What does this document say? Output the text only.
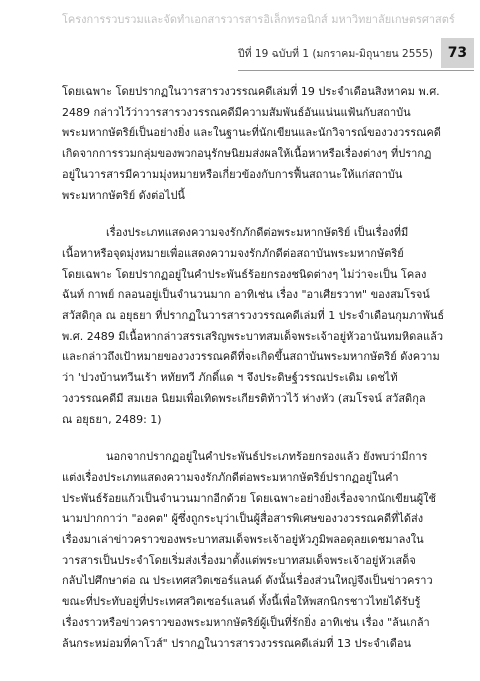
โครงการรวบรวมและจัดทำเอกสารวารสารอิเล็กทรอนิกส์ มหาวิทยาลัยเกษตรศาสตร์
ปีที่ 19 ฉบับที่ 1 (มกราคม-มิถุนายน 2555) 73
โดยเฉพาะ โดยปรากฏในวารสารวงวรรณคดีเล่มที่ 19 ประจำเดือนสิงหาคม พ.ศ.
2489 กล่าวไว้ว่าวารสารวงวรรณคดีมีความสัมพันธ์อันแน่นแฟ้นกับสถาบัน
พระมหากษัตริย์เป็นอย่างยิ่ง และในฐานะที่นักเขียนและนักวิจารณ์ของวงวรรณคดี
เกิดจากการรวมกลุ่มของพวกอนุรักษนิยมส่งผลให้เนื้อหาหรือเรื่องต่างๆ ที่ปรากฏ
อยู่ในวารสารมีความมุ่งหมายหรือเกี่ยวข้องกับการฟื้นสถานะให้แก่สถาบัน
พระมหากษัตริย์ ดังต่อไปนี้
เรื่องประเภทแสดงความจงรักภักดีต่อพระมหากษัตริย์ เป็นเรื่องที่มี
เนื้อหาหรือจุดมุ่งหมายเพื่อแสดงความจงรักภักดีต่อสถาบันพระมหากษัตริย์
โดยเฉพาะ โดยปรากฏอยู่ในคำประพันธ์ร้อยกรองชนิดต่างๆ ไม่ว่าจะเป็น โคลง
ฉันท์ กาพย์ กลอนอยู่เป็นจำนวนมาก อาทิเช่น เรื่อง "อาเศียรวาท" ของสมโรจน์
สวัสดิกุล ณ อยุธยา ที่ปรากฏในวารสารวงวรรณคดีเล่มที่ 1 ประจำเดือนกุมภาพันธ์
พ.ศ. 2489 มีเนื้อหากล่าวสรรเสริญพระบาทสมเด็จพระเจ้าอยู่หัวอานันทมหิดลแล้ว
และกล่าวถึงเป้าหมายของวงวรรณคดีที่จะเกิดขึ้นสถาบันพระมหากษัตริย์ ดังความ
ว่า 'ปวงบ้านทวีนเร้า หทัยทวี ภักดิ์แด ฯ จึงประดิษฐ์วรรณประเดิม เดชไท้
วงวรรณคดีมี สมเยล นิยมเพื่อเทิดพระเกียรติท้าวไว้ ห่างหัว (สมโรจน์ สวัสดิกุล
ณ อยุธยา, 2489: 1)
นอกจากปรากฏอยู่ในคำประพันธ์ประเภทร้อยกรองแล้ว ยังพบว่ามีการ
แต่งเรื่องประเภทแสดงความจงรักภักดีต่อพระมหากษัตริย์ปรากฏอยู่ในคำ
ประพันธ์ร้อยแก้วเป็นจำนวนมากอีกด้วย โดยเฉพาะอย่างยิ่งเรื่องจากนักเขียนผู้ใช้
นามปากกาว่า "องคต" ผู้ซึ่งถูกระบุว่าเป็นผู้สื่อสารพิเศษของวงวรรณคดีที่ได้ส่ง
เรื่องมาเล่าข่าวคราวของพระบาทสมเด็จพระเจ้าอยู่หัวภูมิพลอดุลยเดชมาลงใน
วารสารเป็นประจำโดยเริ่มส่งเรื่องมาตั้งแต่พระบาทสมเด็จพระเจ้าอยู่หัวเสด็จ
กลับไปศึกษาต่อ ณ ประเทศสวิตเซอร์แลนด์ ดังนั้นเรื่องส่วนใหญ่จึงเป็นข่าวคราว
ขณะที่ประทับอยู่ที่ประเทศสวิตเซอร์แลนด์ ทั้งนี้เพื่อให้พสกนิกรชาวไทยได้รับรู้
เรื่องราวหรือข่าวคราวของพระมหากษัตริย์ผู้เป็นที่รักยิ่ง อาทิเช่น เรื่อง "ล้นเกล้า
ล้นกระหม่อมที่คาโวส์" ปรากฏในวารสารวงวรรณคดีเล่มที่ 13 ประจำเดือน
